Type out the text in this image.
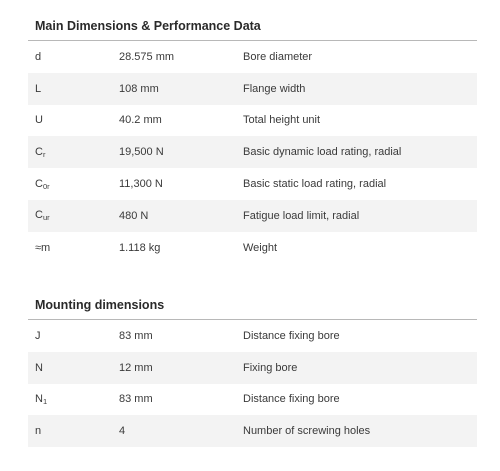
Main Dimensions & Performance Data
d	28.575 mm	Bore diameter
L	108 mm	Flange width
U	40.2 mm	Total height unit
$C_r$	19,500 N	Basic dynamic load rating, radial
$C_{0r}$	11,300 N	Basic static load rating, radial
$C_{ur}$	480 N	Fatigue load limit, radial
≈m	1.118 kg	Weight
Mounting dimensions
J	83 mm	Distance fixing bore
N	12 mm	Fixing bore
$N_1$	83 mm	Distance fixing bore
n	4	Number of screwing holes
